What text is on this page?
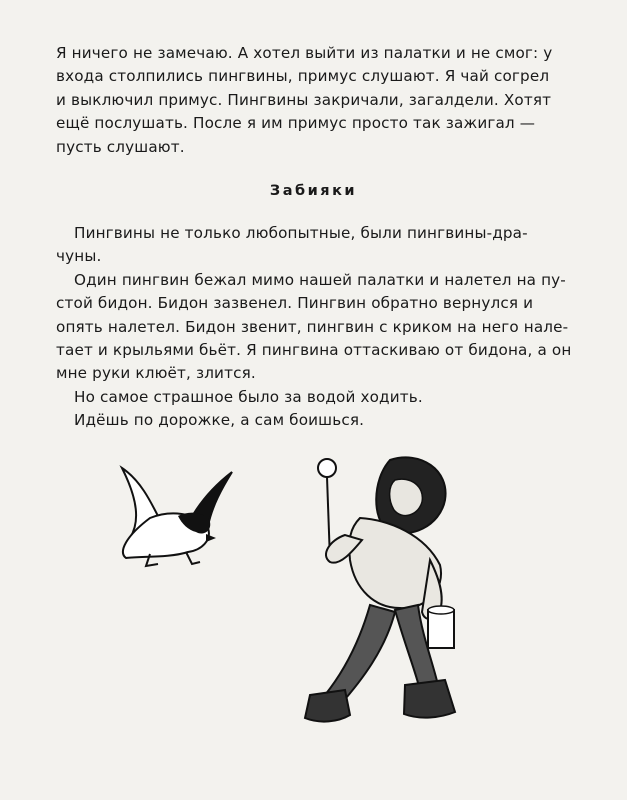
Я ничего не замечаю. А хотел выйти из палатки и не смог: у
входа столпились пингвины, примус слушают. Я чай согрел
и выключил примус. Пингвины закричали, загалдели. Хотят
ещё послушать. После я им примус просто так зажигал —
пусть слушают.
Забияки
Пингвины не только любопытные, были пингвины-дра-
чуны.
Один пингвин бежал мимо нашей палатки и налетел на пу-
стой бидон. Бидон зазвенел. Пингвин обратно вернулся и
опять налетел. Бидон звенит, пингвин с криком на него нале-
тает и крыльями бьёт. Я пингвина оттаскиваю от бидона, а он
мне руки клюёт, злится.
Но самое страшное было за водой ходить.
Идёшь по дорожке, а сам боишься.
